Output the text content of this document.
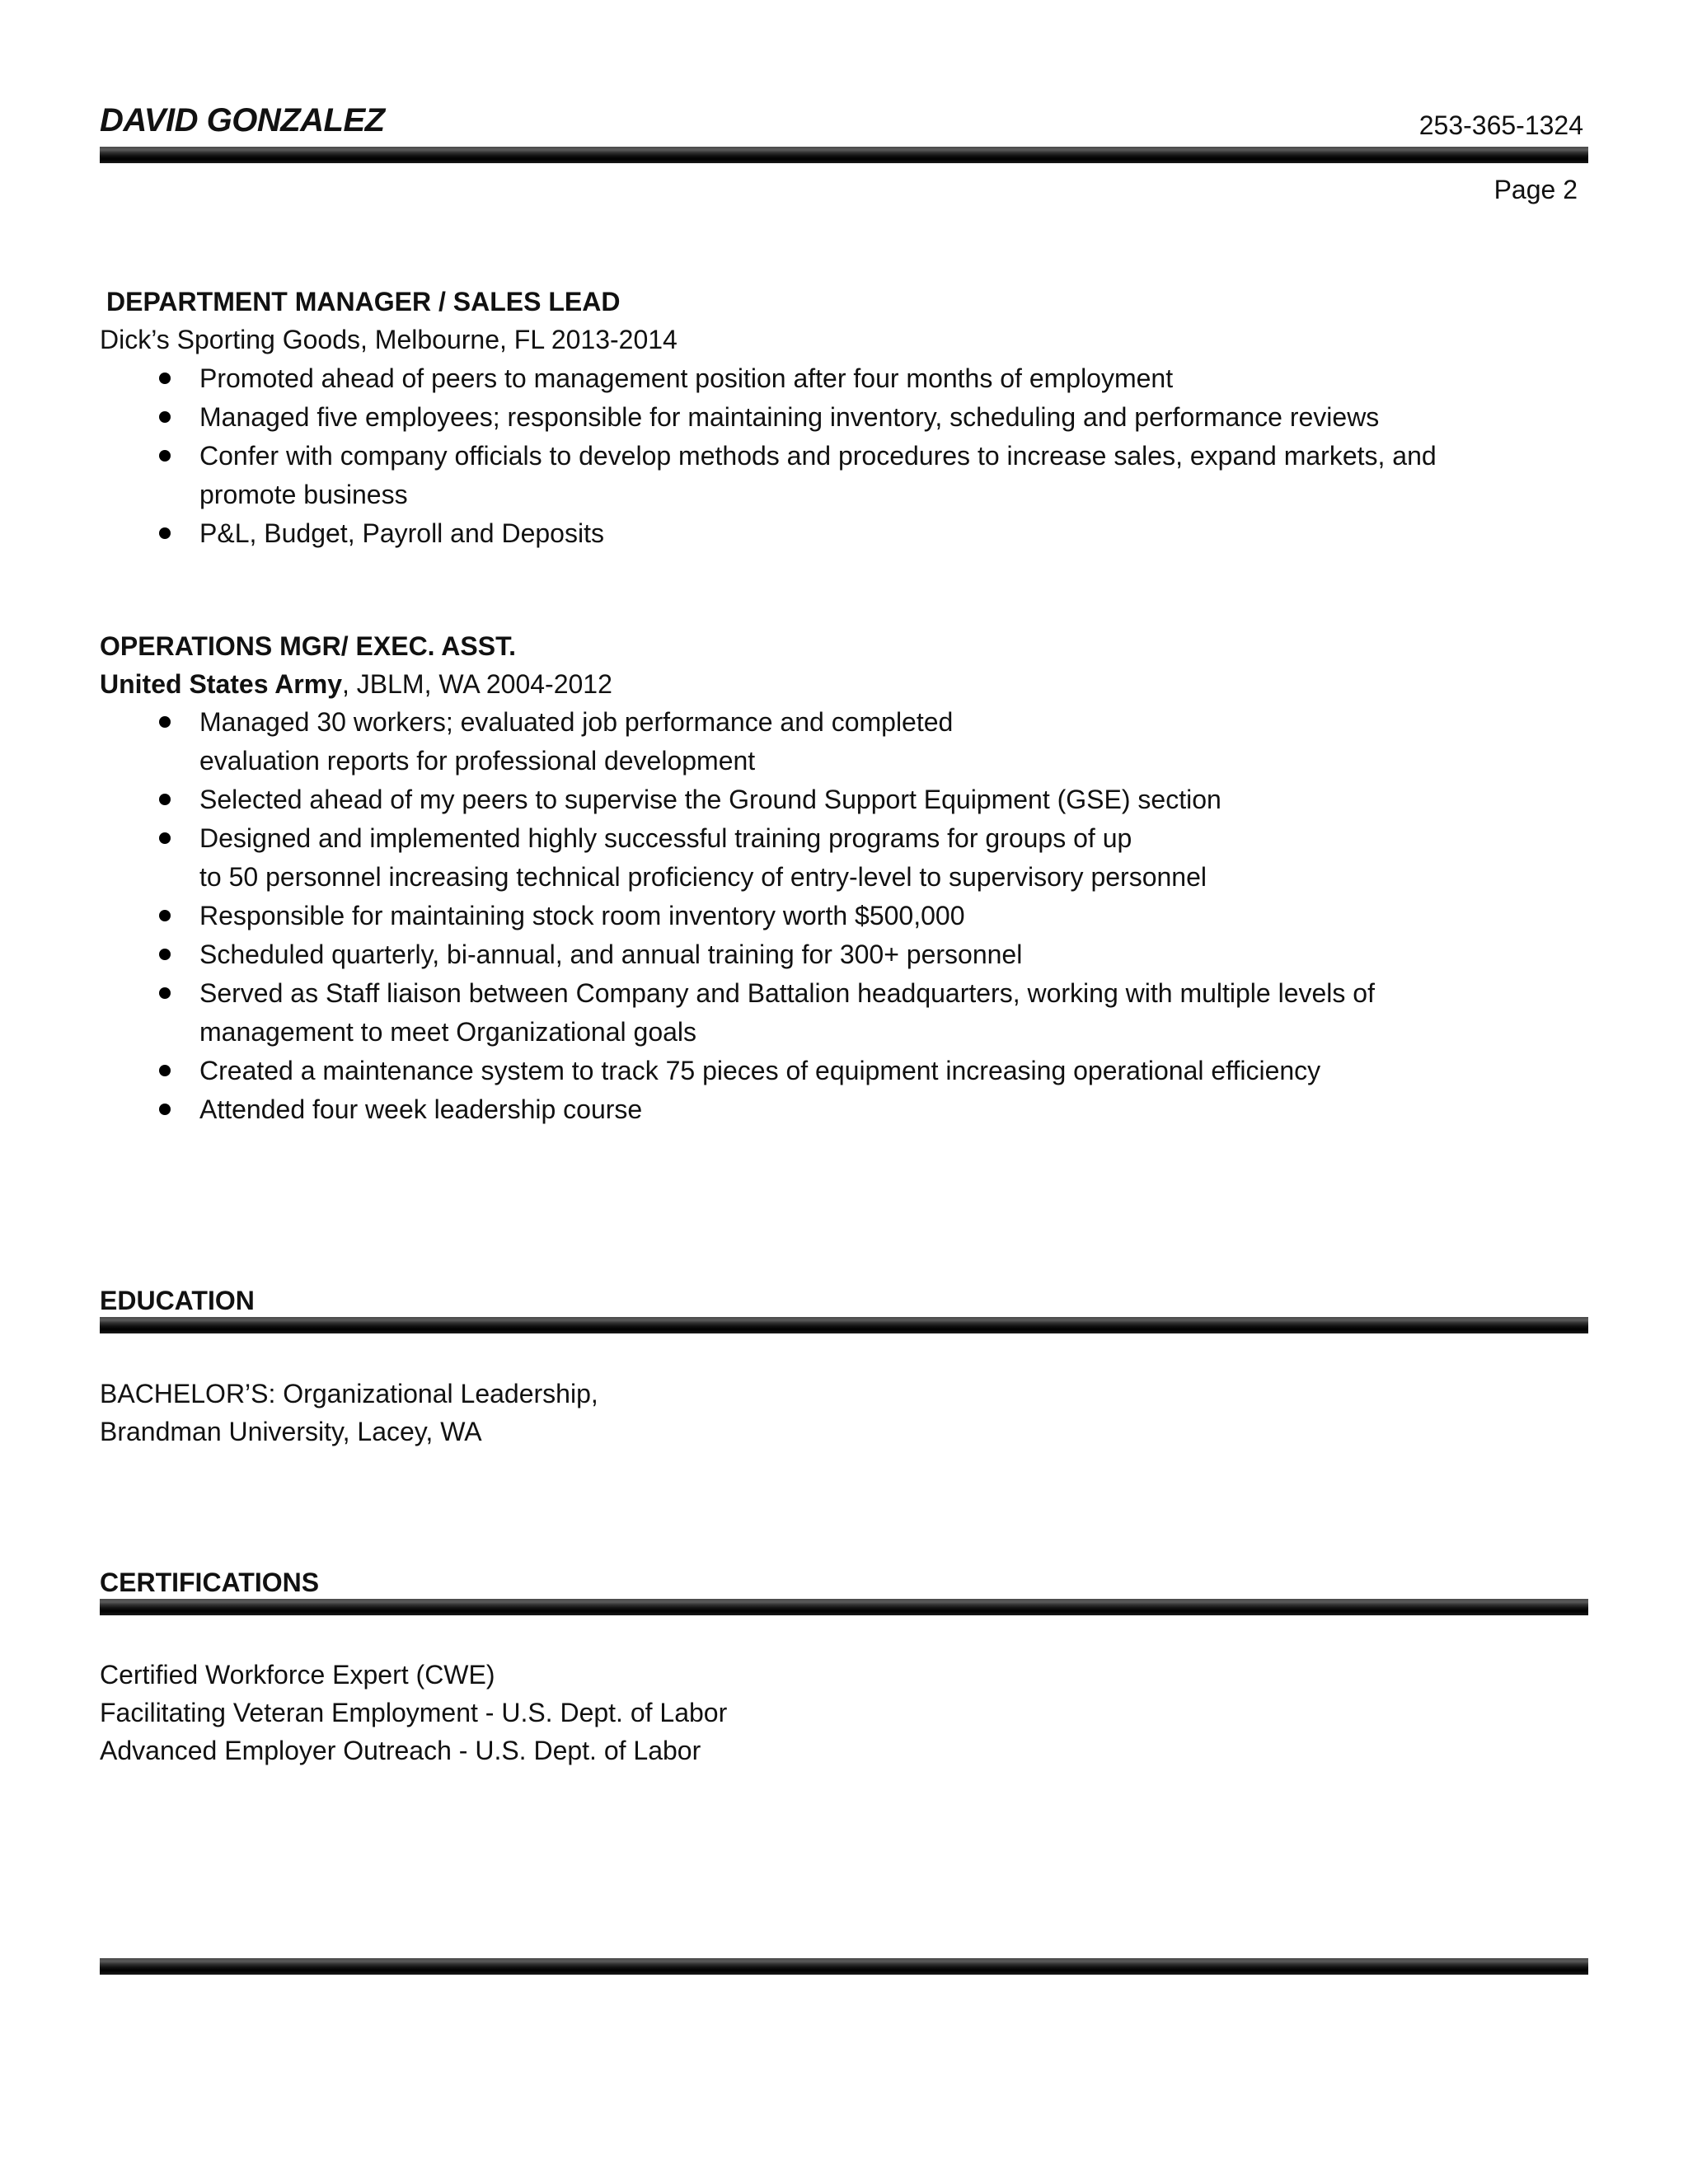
DAVID GONZALEZ	253-365-1324
Page 2
DEPARTMENT MANAGER / SALES LEAD
Dick’s Sporting Goods, Melbourne, FL 2013-2014
Promoted ahead of peers to management position after four months of employment
Managed five employees; responsible for maintaining inventory, scheduling and performance reviews
Confer with company officials to develop methods and procedures to increase sales, expand markets, and
promote business
P&L, Budget, Payroll and Deposits
OPERATIONS MGR/ EXEC. ASST.
United States Army, JBLM, WA 2004-2012
Managed 30 workers; evaluated job performance and completed
evaluation reports for professional development
Selected ahead of my peers to supervise the Ground Support Equipment (GSE) section
Designed and implemented highly successful training programs for groups of up
to 50 personnel increasing technical proficiency of entry-level to supervisory personnel
Responsible for maintaining stock room inventory worth $500,000
Scheduled quarterly, bi-annual, and annual training for 300+ personnel
Served as Staff liaison between Company and Battalion headquarters, working with multiple levels of
management to meet Organizational goals
Created a maintenance system to track 75 pieces of equipment increasing operational efficiency
Attended four week leadership course
EDUCATION
BACHELOR’S: Organizational Leadership,
Brandman University, Lacey, WA
CERTIFICATIONS
Certified Workforce Expert (CWE)
Facilitating Veteran Employment - U.S. Dept. of Labor
Advanced Employer Outreach - U.S. Dept. of Labor
